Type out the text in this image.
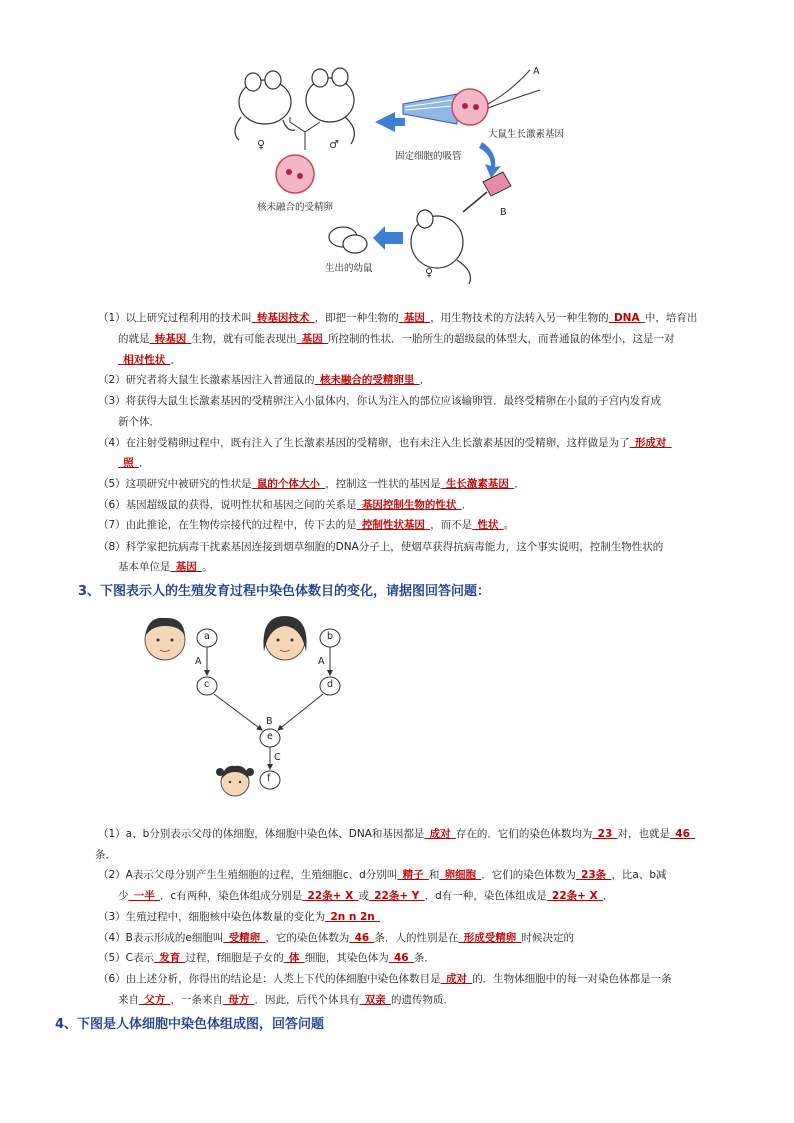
♀	♂
♀
A
B
核未融合的受精卵
固定细胞的吸管
大鼠生长激素基因
生出的幼鼠
（1）以上研究过程利用的技术叫 转基因技术 ，即把一种生物的 基因 ，用生物技术的方法转入另一种生物的 DNA 中，培育出
的就是 转基因 生物，就有可能表现出 基因 所控制的性状．一胎所生的超级鼠的体型大，而普通鼠的体型小，这是一对
 相对性状 ．
（2）研究者将大鼠生长激素基因注入普通鼠的 核未融合的受精卵里 ．
（3）将获得大鼠生长激素基因的受精卵注入小鼠体内，你认为注入的部位应该输卵管．最终受精卵在小鼠的子宫内发育成
新个体．
（4）在注射受精卵过程中，既有注入了生长激素基因的受精卵，也有未注入生长激素基因的受精卵，这样做是为了 形成对 
 照 ．
（5）这项研究中被研究的性状是 鼠的个体大小 ，控制这一性状的基因是 生长激素基因 ．
（6）基因超级鼠的获得，说明性状和基因之间的关系是 基因控制生物的性状 ．
（7）由此推论，在生物传宗接代的过程中，传下去的是 控制性状基因 ，而不是 性状 。
（8）科学家把抗病毒干扰素基因连接到烟草细胞的DNA分子上，使烟草获得抗病毒能力，这个事实说明，控制生物性状的
基本单位是 基因 。
3、下图表示人的生殖发育过程中染色体数目的变化，请据图回答问题：
a	b
c	d
e
f
A	A
B
C
（1）a、b分别表示父母的体细胞，体细胞中染色体、DNA和基因都是 成对 存在的．它们的染色体数均为 23 对，也就是 46 
条．
（2）A表示父母分别产生生殖细胞的过程，生殖细胞c、d分别叫 精子 和 卵细胞 ．它们的染色体数为 23条 ，比a、b减
少 一半 ．c有两种，染色体组成分别是 22条+ X 或 22条+ Y ．d有一种，染色体组成是 22条+ X ．
（3）生殖过程中，细胞核中染色体数量的变化为 2n n 2n 
（4）B表示形成的e细胞叫 受精卵 ，它的染色体数为 46 条．人的性别是在 形成受精卵 时候决定的
（5）C表示 发育 过程，f细胞是子女的 体 细胞，其染色体为 46 条．
（6）由上述分析，你得出的结论是：人类上下代的体细胞中染色体数目是 成对 的．生物体细胞中的每一对染色体都是一条
来自 父方 ，一条来自 母方 ．因此，后代个体具有 双亲 的遗传物质．
4、下图是人体细胞中染色体组成图，回答问题
